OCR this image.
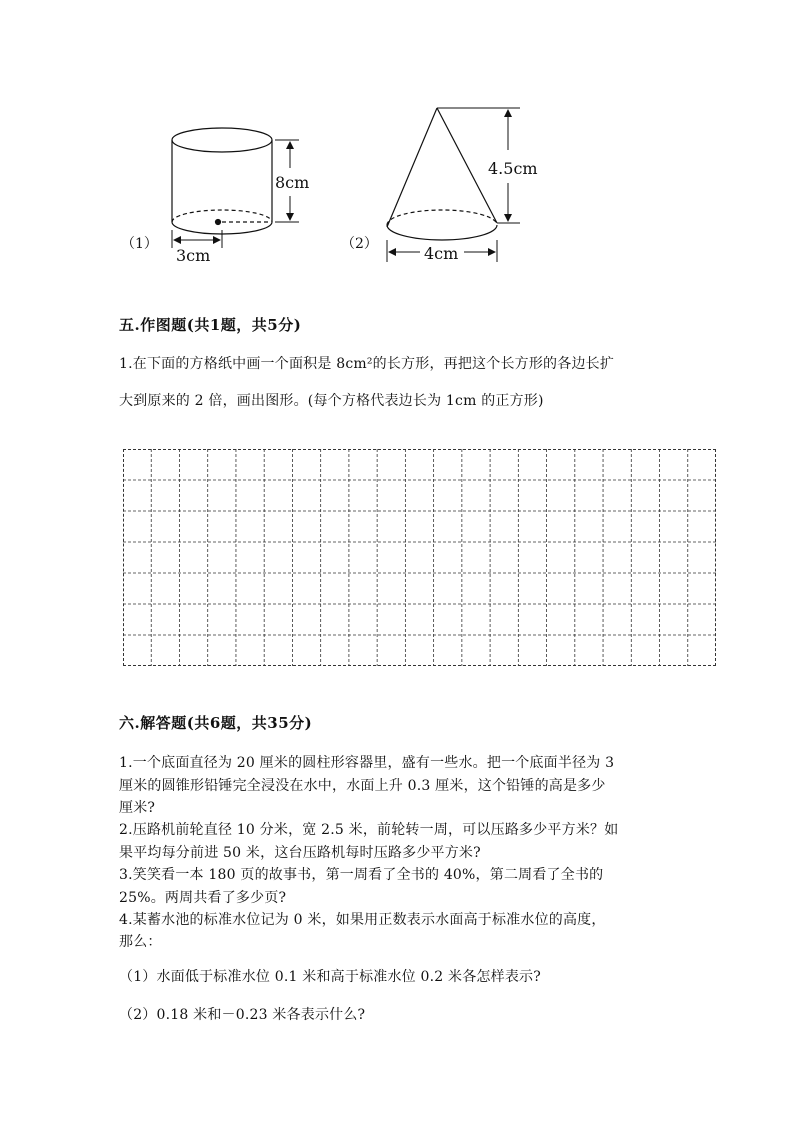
（1）
8cm
3cm
（2）
4.5cm
4cm
五.作图题(共1题，共5分)
1.在下面的方格纸中画一个面积是 8cm²的长方形，再把这个长方形的各边长扩
大到原来的 2 倍，画出图形。(每个方格代表边长为 1cm 的正方形)
六.解答题(共6题，共35分)
1.一个底面直径为 20 厘米的圆柱形容器里，盛有一些水。把一个底面半径为 3
厘米的圆锥形铅锤完全浸没在水中，水面上升 0.3 厘米，这个铅锤的高是多少
厘米?
2.压路机前轮直径 10 分米，宽 2.5 米，前轮转一周，可以压路多少平方米？如
果平均每分前进 50 米，这台压路机每时压路多少平方米?
3.笑笑看一本 180 页的故事书，第一周看了全书的 40%，第二周看了全书的
25%。两周共看了多少页?
4.某蓄水池的标准水位记为 0 米，如果用正数表示水面高于标准水位的高度，
那么：
（1）水面低于标准水位 0.1 米和高于标准水位 0.2 米各怎样表示?
（2）0.18 米和－0.23 米各表示什么?
